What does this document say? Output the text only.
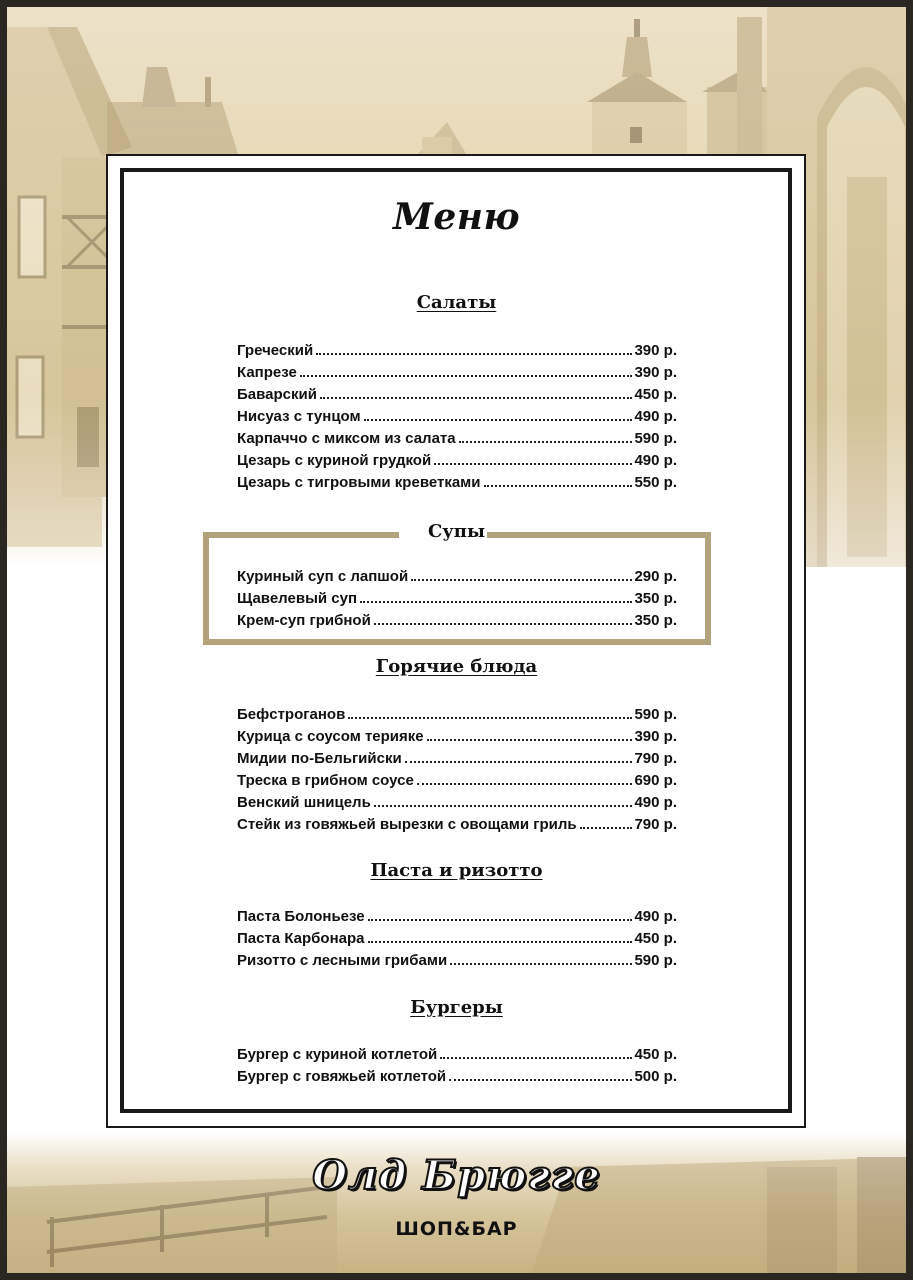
Меню
Салаты
Греческий	390 р.
Капрезе	390 р.
Баварский	450 р.
Нисуаз с тунцом	490 р.
Карпаччо с миксом из салата	590 р.
Цезарь с куриной грудкой	490 р.
Цезарь с тигровыми креветками	550 р.
Супы
Куриный суп с лапшой	290 р.
Щавелевый суп	350 р.
Крем-суп грибной	350 р.
Горячие блюда
Бефстроганов	590 р.
Курица с соусом терияке	390 р.
Мидии по-Бельгийски	790 р.
Треска в грибном соусе	690 р.
Венский шницель	490 р.
Стейк из говяжьей вырезки с овощами гриль	790 р.
Паста и ризотто
Паста Болоньезе	490 р.
Паста Карбонара	450 р.
Ризотто с лесными грибами	590 р.
Бургеры
Бургер с куриной котлетой	450 р.
Бургер с говяжьей котлетой	500 р.
Олд Брюгге
ШОП&БАР
